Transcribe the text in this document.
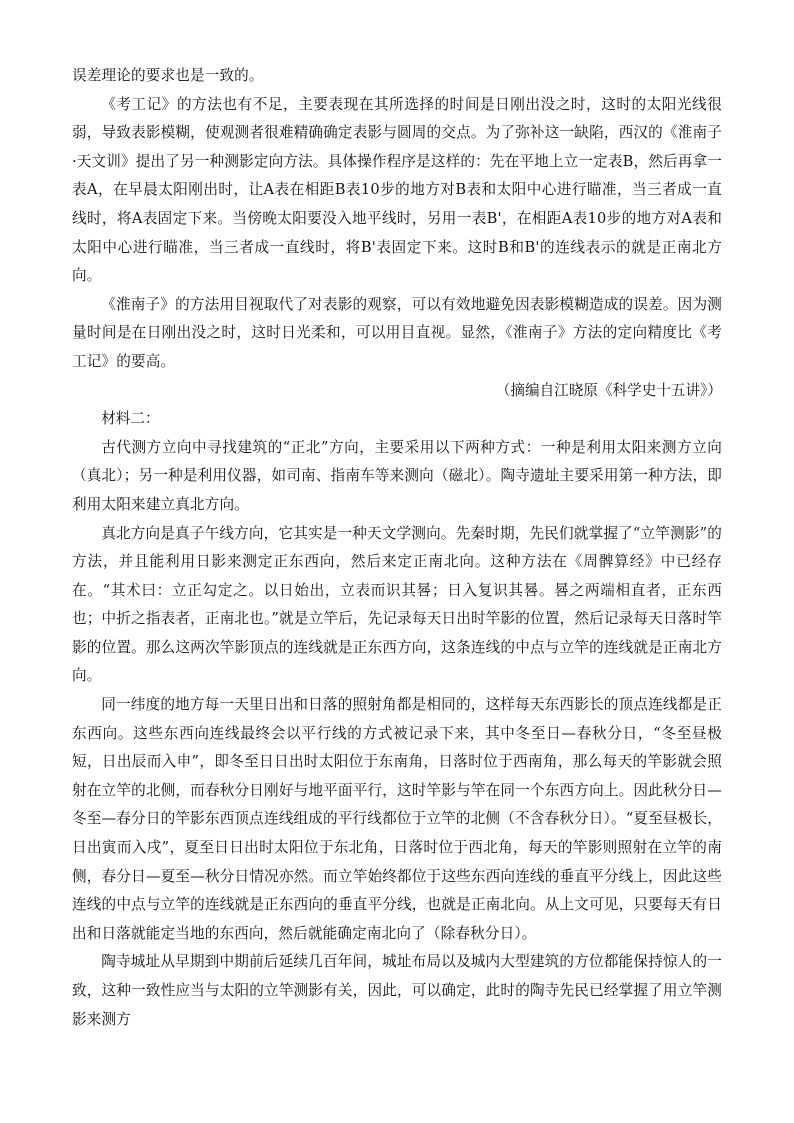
误差理论的要求也是一致的。

《考工记》的方法也有不足，主要表现在其所选择的时间是日刚出没之时，这时的太阳光线很弱，导致表影模糊，使观测者很难精确确定表影与圆周的交点。为了弥补这一缺陷，西汉的《淮南子·天文训》提出了另一种测影定向方法。具体操作程序是这样的：先在平地上立一定表B，然后再拿一表A，在早晨太阳刚出时，让A表在相距B表10步的地方对B表和太阳中心进行瞄准，当三者成一直线时，将A表固定下来。当傍晚太阳要没入地平线时，另用一表B'，在相距A表10步的地方对A表和太阳中心进行瞄准，当三者成一直线时，将B'表固定下来。这时B和B'的连线表示的就是正南北方向。

《淮南子》的方法用目视取代了对表影的观察，可以有效地避免因表影模糊造成的误差。因为测量时间是在日刚出没之时，这时日光柔和，可以用目直视。显然，《淮南子》方法的定向精度比《考工记》的要高。

（摘编自江晓原《科学史十五讲》）

材料二：

古代测方立向中寻找建筑的“正北”方向，主要采用以下两种方式：一种是利用太阳来测方立向（真北）；另一种是利用仪器，如司南、指南车等来测向（磁北）。陶寺遗址主要采用第一种方法，即利用太阳来建立真北方向。

真北方向是真子午线方向，它其实是一种天文学测向。先秦时期，先民们就掌握了“立竿测影”的方法，并且能利用日影来测定正东西向，然后来定正南北向。这种方法在《周髀算经》中已经存在。“其术曰：立正勾定之。以日始出，立表而识其晷；日入复识其晷。晷之两端相直者，正东西也；中折之指表者，正南北也。”就是立竿后，先记录每天日出时竿影的位置，然后记录每天日落时竿影的位置。那么这两次竿影顶点的连线就是正东西方向，这条连线的中点与立竿的连线就是正南北方向。

同一纬度的地方每一天里日出和日落的照射角都是相同的，这样每天东西影长的顶点连线都是正东西向。这些东西向连线最终会以平行线的方式被记录下来，其中冬至日—春秋分日，“冬至昼极短，日出辰而入申”，即冬至日日出时太阳位于东南角，日落时位于西南角，那么每天的竿影就会照射在立竿的北侧，而春秋分日刚好与地平面平行，这时竿影与竿在同一个东西方向上。因此秋分日—冬至—春分日的竿影东西顶点连线组成的平行线都位于立竿的北侧（不含春秋分日）。“夏至昼极长，日出寅而入戌”，夏至日日出时太阳位于东北角，日落时位于西北角，每天的竿影则照射在立竿的南侧，春分日—夏至—秋分日情况亦然。而立竿始终都位于这些东西向连线的垂直平分线上，因此这些连线的中点与立竿的连线就是正东西向的垂直平分线，也就是正南北向。从上文可见，只要每天有日出和日落就能定当地的东西向，然后就能确定南北向了（除春秋分日）。

陶寺城址从早期到中期前后延续几百年间，城址布局以及城内大型建筑的方位都能保持惊人的一致，这种一致性应当与太阳的立竿测影有关，因此，可以确定，此时的陶寺先民已经掌握了用立竿测影来测方
